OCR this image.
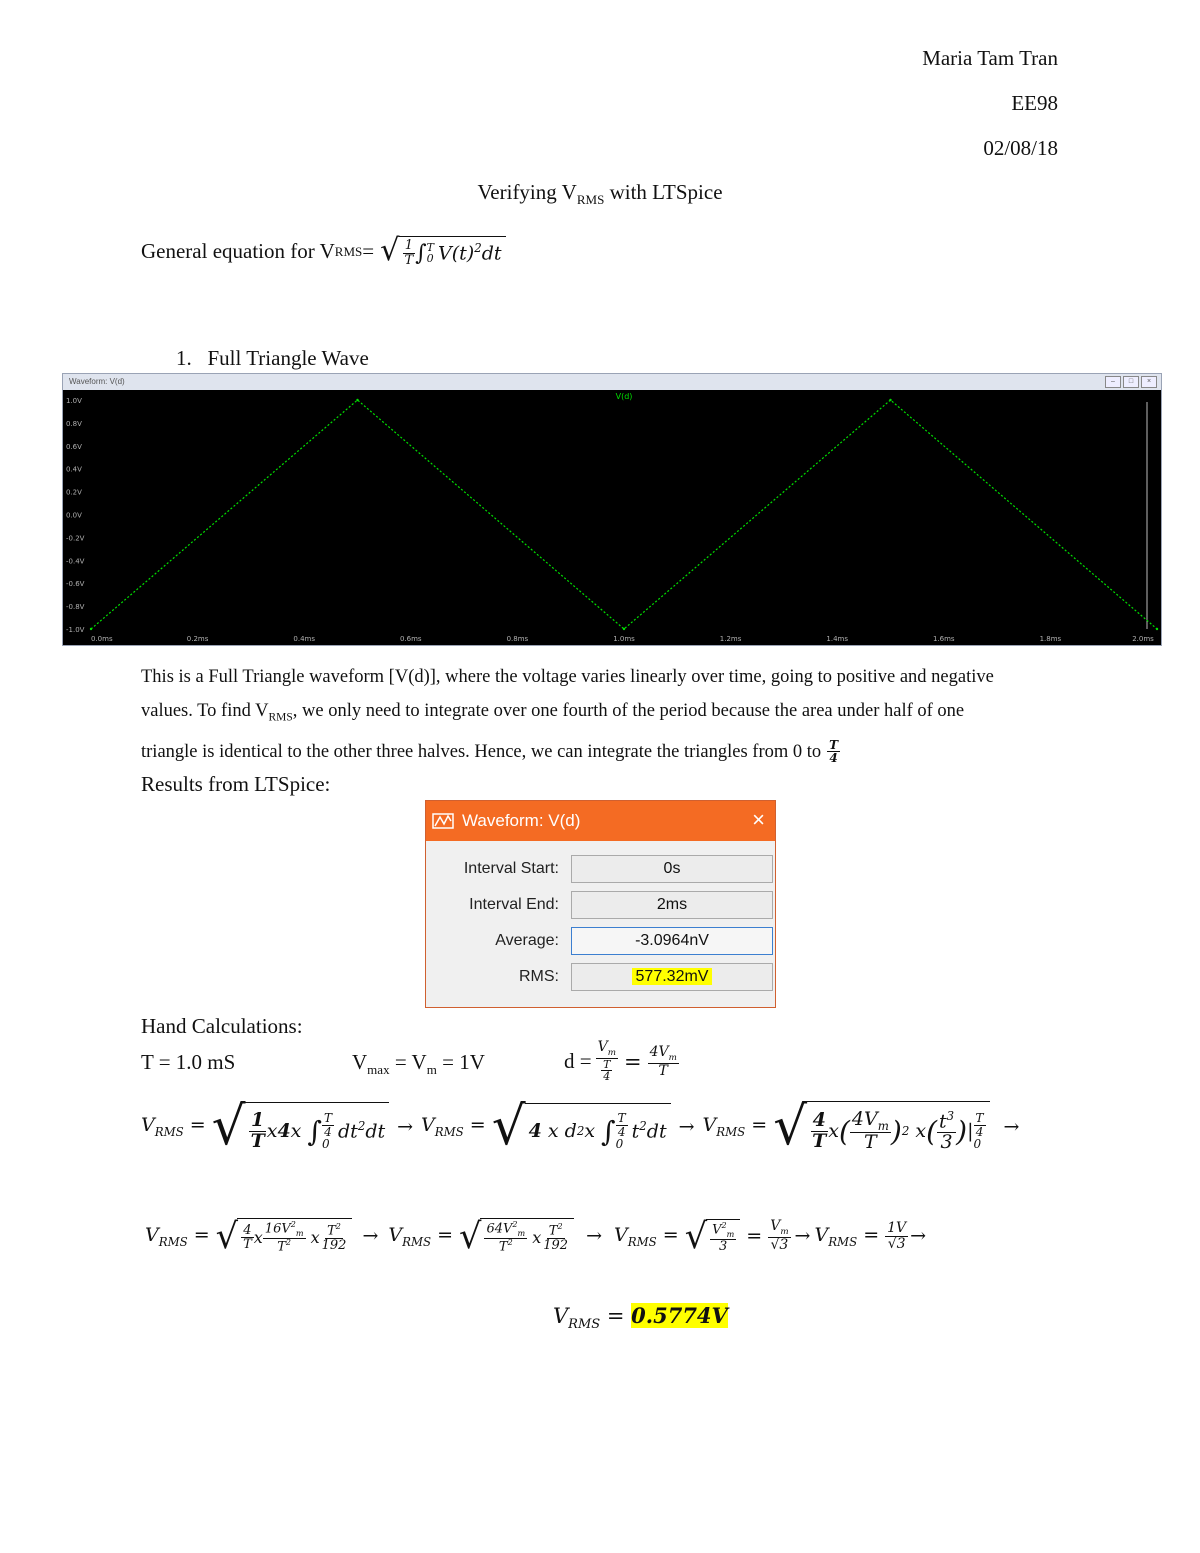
Maria Tam Tran
EE98
02/08/18
Verifying $V_{RMS}$ with LTSpice
General equation for V RMS = √ $\frac{1}{T}$ ∫ T
0 $V(t)^2dt$
1. Full Triangle Wave
Waveform: V(d)	–	□	×
1.0V
0.8V
0.6V
0.4V
0.2V
0.0V
-0.2V
-0.4V
-0.6V
-0.8V
-1.0V
0.0ms	0.2ms	0.4ms	0.6ms	0.8ms	1.0ms	1.2ms	1.4ms	1.6ms	1.8ms	2.0ms
V(d)
This is a Full Triangle waveform [V(d)], where the voltage varies linearly over time, going to positive and negative
values. To find $V_{RMS}$, we only need to integrate over one fourth of the period because the area under half of one
triangle is identical to the other three halves. Hence, we can integrate the triangles from 0 to $\frac{T}{4}$
Results from LTSpice:
Waveform: V(d)	×
Interval Start:	0s
Interval End:	2ms
Average:	-3.0964nV
RMS:	577.32mV
Hand Calculations:
T = 1.0 mS	$V_{max} = V_m = 1V$	$d = \frac{V_m}{\frac{T}{4}} = \frac{4V_m}{T}$
$V_{RMS}$ = √ $\frac{1}{T}$ x 4 x ∫ $\frac{T}{4}$
0
$dt^2dt \to V_{RMS}$ = √ 4 x d 2 x ∫ $\frac{T}{4}$
0
$t^2dt \to V_{RMS}$ = √ $\frac{4}{T}$ x ( $\frac{4V_m}{T}$ ) 2 x ( $\frac{t^3}{3}$ ) | $\frac{T}{4}$
0
→
$V_{RMS}$ = √ $\frac{4}{T}$ x $\frac{16V^2_m}{T^2}$ x $\frac{T^2}{192} \to V_{RMS}$ = √ $\frac{64V^2_m}{T^2}$ x $\frac{T^2}{192} \to V_{RMS}$ = √ $\frac{V^2_m}{3} = \frac{V_m}{√3} \to V_{RMS} = \frac{1V}{√3}$ →
$V_{RMS} = 0.5774V$
